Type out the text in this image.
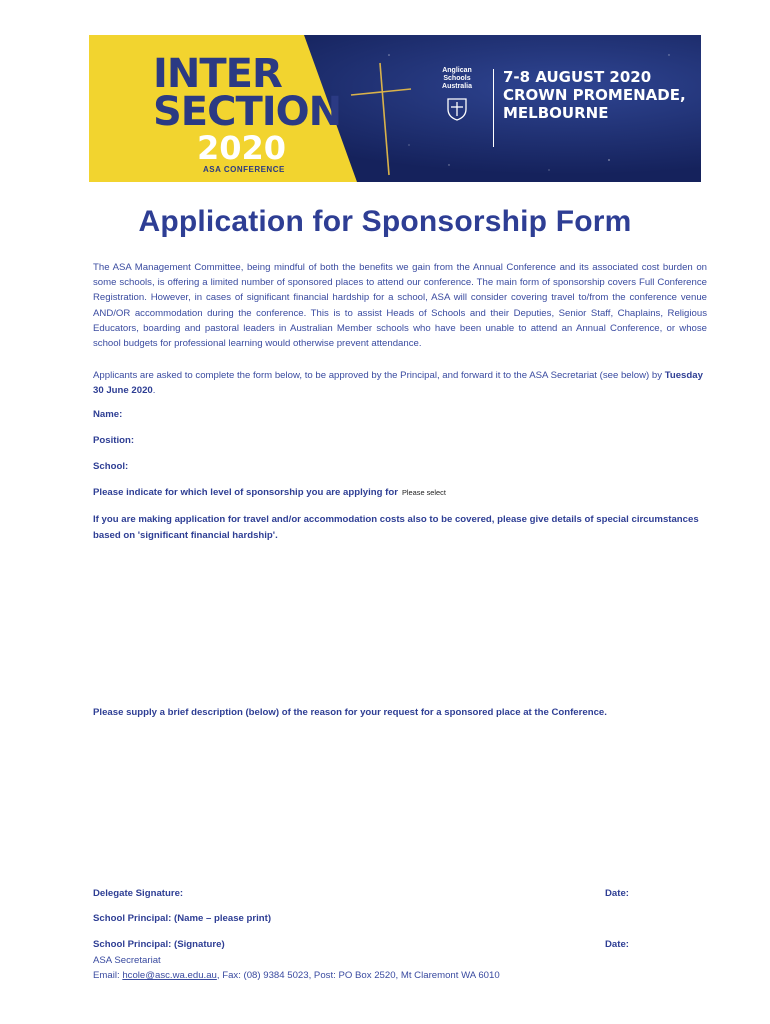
INTER
SECTION
2020
ASA CONFERENCE
Anglican
Schools
Australia
7-8 AUGUST 2020
CROWN PROMENADE,
MELBOURNE
Application for Sponsorship Form

The ASA Management Committee, being mindful of both the benefits we gain from the Annual Conference and its associated cost burden on some schools, is offering a limited number of sponsored places to attend our conference. The main form of sponsorship covers Full Conference Registration. However, in cases of significant financial hardship for a school, ASA will consider covering travel to/from the conference venue AND/OR accommodation during the conference. This is to assist Heads of Schools and their Deputies, Senior Staff, Chaplains, Religious Educators, boarding and pastoral leaders in Australian Member schools who have been unable to attend an Annual Conference, or whose school budgets for professional learning would otherwise prevent attendance.

Applicants are asked to complete the form below, to be approved by the Principal, and forward it to the ASA Secretariat (see below) by Tuesday 30 June 2020.

Name:

Position:

School:

Please indicate for which level of sponsorship you are applying for Please select

If you are making application for travel and/or accommodation costs also to be covered, please give details of special circumstances based on 'significant financial hardship'.

Please supply a brief description (below) of the reason for your request for a sponsored place at the Conference.

Delegate Signature:	Date:

School Principal: (Name – please print)

School Principal: (Signature)	Date:
ASA Secretariat
Email: hcole@asc.wa.edu.au, Fax: (08) 9384 5023, Post: PO Box 2520, Mt Claremont WA 6010
